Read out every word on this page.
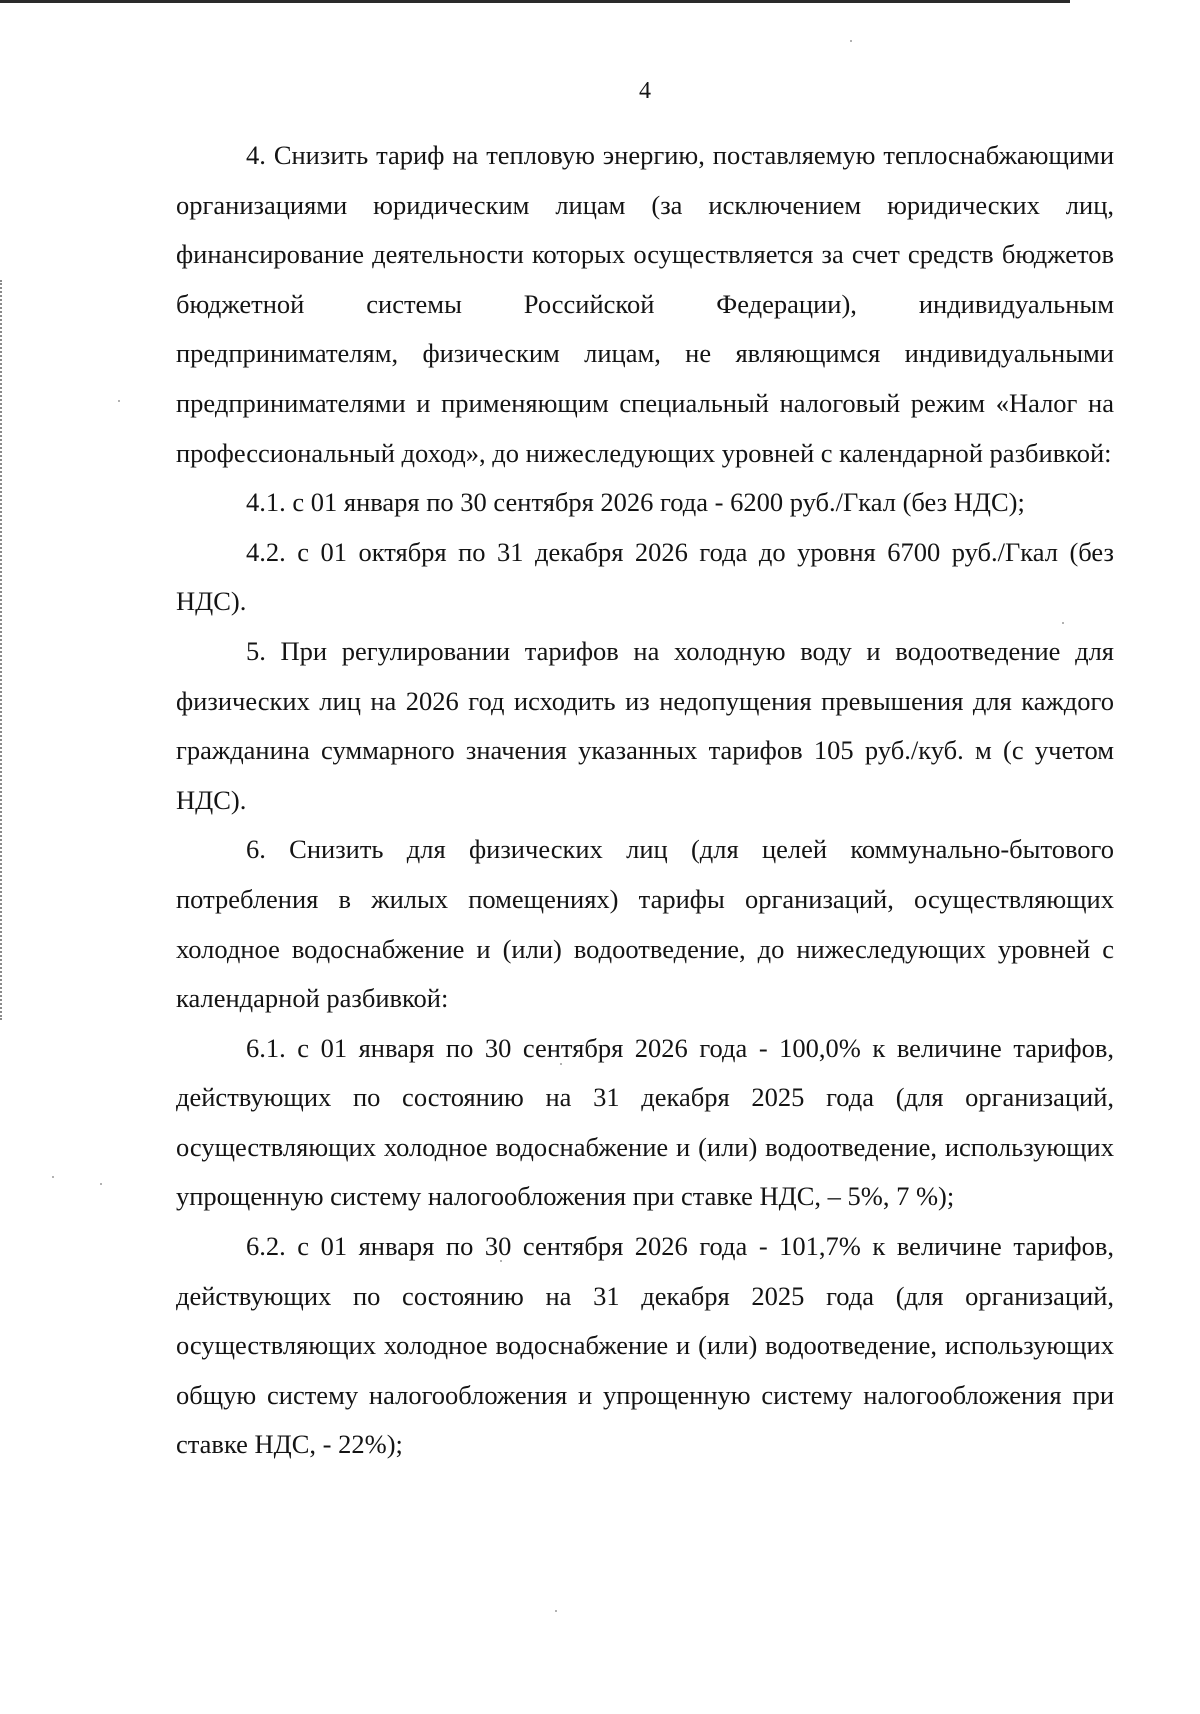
4

4. Снизить тариф на тепловую энергию, поставляемую теплоснабжающими организациями юридическим лицам (за исключением юридических лиц, финансирование деятельности которых осуществляется за счет средств бюджетов бюджетной системы Российской Федерации), индивидуальным предпринимателям, физическим лицам, не являющимся индивидуальными предпринимателями и применяющим специальный налоговый режим «Налог на профессиональный доход», до нижеследующих уровней с календарной разбивкой:

4.1. с 01 января по 30 сентября 2026 года - 6200 руб./Гкал (без НДС);

4.2. с 01 октября по 31 декабря 2026 года до уровня 6700 руб./Гкал (без НДС).

5. При регулировании тарифов на холодную воду и водоотведение для физических лиц на 2026 год исходить из недопущения превышения для каждого гражданина суммарного значения указанных тарифов 105 руб./куб. м (с учетом НДС).

6. Снизить для физических лиц (для целей коммунально-бытового потребления в жилых помещениях) тарифы организаций, осуществляющих холодное водоснабжение и (или) водоотведение, до нижеследующих уровней с календарной разбивкой:

6.1. с 01 января по 30 сентября 2026 года - 100,0% к величине тарифов, действующих по состоянию на 31 декабря 2025 года (для организаций, осуществляющих холодное водоснабжение и (или) водоотведение, использующих упрощенную систему налогообложения при ставке НДС, – 5%, 7 %);

6.2. с 01 января по 30 сентября 2026 года - 101,7% к величине тарифов, действующих по состоянию на 31 декабря 2025 года (для организаций, осуществляющих холодное водоснабжение и (или) водоотведение, использующих общую систему налогообложения и упрощенную систему налогообложения при ставке НДС, - 22%);
